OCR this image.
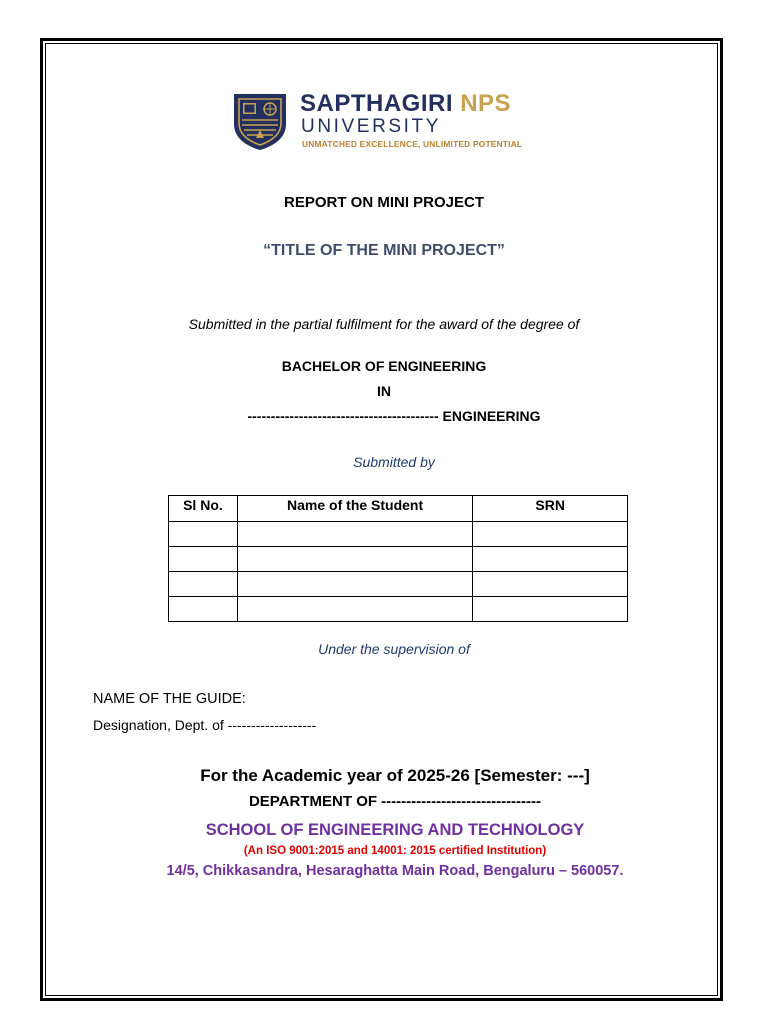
SAPTHAGIRI NPS
UNIVERSITY
UNMATCHED EXCELLENCE, UNLIMITED POTENTIAL
REPORT ON MINI PROJECT
“TITLE OF THE MINI PROJECT”
Submitted in the partial fulfilment for the award of the degree of
BACHELOR OF ENGINEERING
IN
----------------------------------------- ENGINEERING
Submitted by
Sl No.	Name of the Student	SRN

Under the supervision of
NAME OF THE GUIDE:
Designation, Dept. of -------------------
For the Academic year of 2025-26 [Semester: ---]
DEPARTMENT OF --------------------------------
SCHOOL OF ENGINEERING AND TECHNOLOGY
(An ISO 9001:2015 and 14001: 2015 certified Institution)
14/5, Chikkasandra, Hesaraghatta Main Road, Bengaluru – 560057.
